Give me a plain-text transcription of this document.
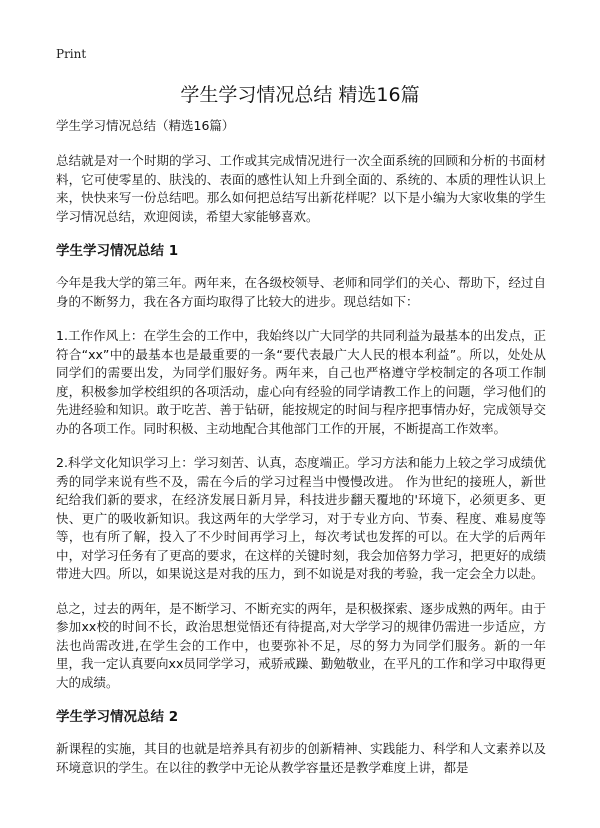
Print
学生学习情况总结 精选16篇

学生学习情况总结（精选16篇）

总结就是对一个时期的学习、工作或其完成情况进行一次全面系统的回顾和分析的书面材料，它可使零星的、肤浅的、表面的感性认知上升到全面的、系统的、本质的理性认识上来，快快来写一份总结吧。那么如何把总结写出新花样呢？以下是小编为大家收集的学生学习情况总结，欢迎阅读，希望大家能够喜欢。

学生学习情况总结 1

今年是我大学的第三年。两年来，在各级校领导、老师和同学们的关心、帮助下，经过自身的不断努力，我在各方面均取得了比较大的进步。现总结如下：

1.工作作风上：在学生会的工作中，我始终以广大同学的共同利益为最基本的出发点，正符合“xx”中的最基本也是最重要的一条“要代表最广大人民的根本利益”。所以，处处从同学们的需要出发，为同学们服好务。两年来，自己也严格遵守学校制定的各项工作制度，积极参加学校组织的各项活动，虚心向有经验的同学请教工作上的问题，学习他们的先进经验和知识。敢于吃苦、善于钻研，能按规定的时间与程序把事情办好，完成领导交办的各项工作。同时积极、主动地配合其他部门工作的开展，不断提高工作效率。

2.科学文化知识学习上：学习刻苦、认真，态度端正。学习方法和能力上较之学习成绩优秀的同学来说有些不及，需在今后的学习过程当中慢慢改进。 作为世纪的接班人，新世纪给我们新的要求，在经济发展日新月异，科技进步翻天覆地的'环境下，必须更多、更快、更广的吸收新知识。我这两年的大学学习，对于专业方向、节奏、程度、难易度等等，也有所了解，投入了不少时间再学习上，每次考试也发挥的可以。在大学的后两年中，对学习任务有了更高的要求，在这样的关键时刻，我会加倍努力学习，把更好的成绩带进大四。所以，如果说这是对我的压力，到不如说是对我的考验，我一定会全力以赴。

总之，过去的两年，是不断学习、不断充实的两年，是积极探索、逐步成熟的两年。由于参加xx校的时间不长，政治思想觉悟还有待提高,对大学学习的规律仍需进一步适应，方法也尚需改进,在学生会的工作中，也要弥补不足，尽的努力为同学们服务。新的一年里，我一定认真要向xx员同学学习，戒骄戒躁、勤勉敬业，在平凡的工作和学习中取得更大的成绩。

学生学习情况总结 2

新课程的实施，其目的也就是培养具有初步的创新精神、实践能力、科学和人文素养以及环境意识的学生。在以往的教学中无论从教学容量还是教学难度上讲，都是
